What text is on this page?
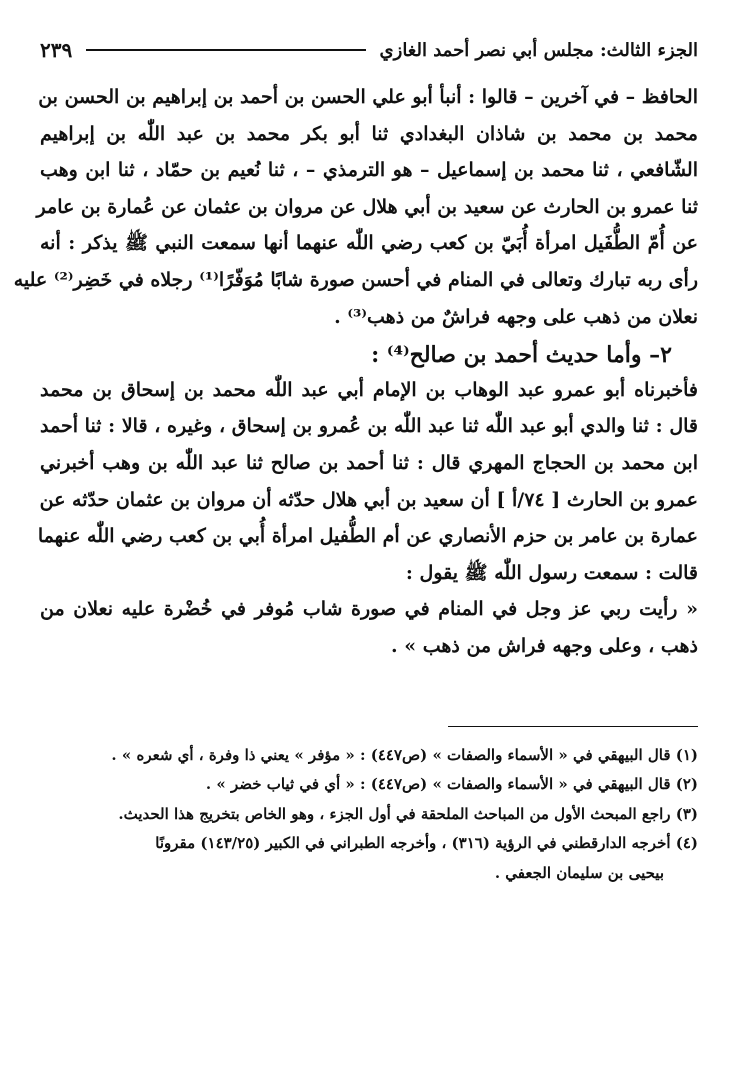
الجزء الثالث: مجلس أبي نصر أحمد الغازي
٢٣٩
الحافظ – في آخرين – قالوا : أنبأ أبو علي الحسن بن أحمد بن إبراهيم بن الحسن بن
محمد بن محمد بن شاذان البغدادي ثنا أبو بكر محمد بن عبد اللّٰه بن إبراهيم
الشّافعي ، ثنا محمد بن إسماعيل – هو الترمذي – ، ثنا نُعيم بن حمّاد ، ثنا ابن وهب
ثنا عمرو بن الحارث عن سعيد بن أبي هلال عن مروان بن عثمان عن عُمارة بن عامر
عن أُمّ الطُّفَيل امرأة أُبَيّ بن كعب رضي اللّٰه عنهما أنها سمعت النبي ﷺ يذكر : أنه
رأى ربه تبارك وتعالى في المنام في أحسن صورة شابًا مُوَفّرًا⁽¹⁾ رجلاه في خَضِر⁽²⁾ عليه
نعلان من ذهب على وجهه فراشٌ من ذهب⁽³⁾ .
٢– وأما حديث أحمد بن صالح⁽⁴⁾ :
فأخبرناه أبو عمرو عبد الوهاب بن الإمام أبي عبد اللّٰه محمد بن إسحاق بن محمد
قال : ثنا والدي أبو عبد اللّٰه ثنا عبد اللّٰه بن عُمرو بن إسحاق ، وغيره ، قالا : ثنا أحمد
ابن محمد بن الحجاج المهري قال : ثنا أحمد بن صالح ثنا عبد اللّٰه بن وهب أخبرني
عمرو بن الحارث [ ٧٤/أ ] أن سعيد بن أبي هلال حدّثه أن مروان بن عثمان حدّثه عن
عمارة بن عامر بن حزم الأنصاري عن أم الطُّفيل امرأة أُبي بن كعب رضي اللّٰه عنهما
قالت : سمعت رسول اللّٰه ﷺ يقول :
« رأيت ربي عز وجل في المنام في صورة شاب مُوفر في خُضْرة عليه نعلان من
ذهب ، وعلى وجهه فراش من ذهب » .
(١) قال البيهقي في « الأسماء والصفات » (ص٤٤٧) : « مؤفر » يعني ذا وفرة ، أي شعره » .
(٢) قال البيهقي في « الأسماء والصفات » (ص٤٤٧) : « أي في ثياب خضر » .
(٣) راجع المبحث الأول من المباحث الملحقة في أول الجزء ، وهو الخاص بتخريج هذا الحديث.
(٤) أخرجه الدارقطني في الرؤية (٣١٦) ، وأخرجه الطبراني في الكبير (١٤٣/٢٥) مقرونًا
بيحيى بن سليمان الجعفي .
